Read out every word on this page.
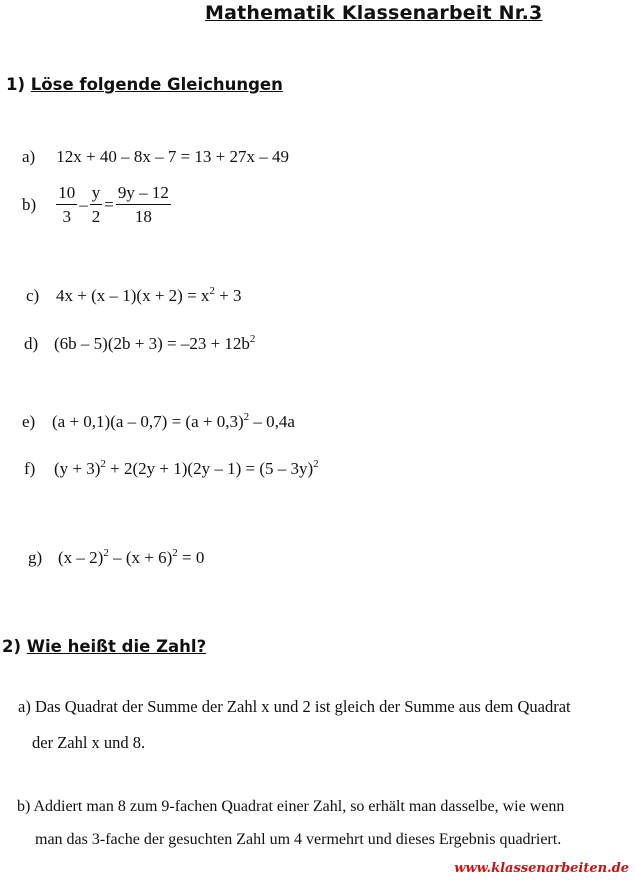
Mathematik Klassenarbeit Nr.3
1) Löse folgende Gleichungen
a) 12x + 40 – 8x – 7 = 13 + 27x – 49
$b) \frac{10}{3} - \frac{y}{2} = \frac{9y - 12}{18}$
c) $4x + (x - 1)(x + 2) = x^2 + 3$
d) $(6b - 5)(2b + 3) = -23 + 12b^2$
e) $(a + 0,1)(a - 0,7) = (a + 0,3)^2 - 0,4a$
f) $(y + 3)^2 + 2(2y + 1)(2y - 1) = (5 - 3y)^2$
g) $(x - 2)^2 - (x + 6)^2 = 0$
2) Wie heißt die Zahl?
a) Das Quadrat der Summe der Zahl x und 2 ist gleich der Summe aus dem Quadrat
der Zahl x und 8.
b) Addiert man 8 zum 9-fachen Quadrat einer Zahl, so erhält man dasselbe, wie wenn
man das 3-fache der gesuchten Zahl um 4 vermehrt und dieses Ergebnis quadriert.
www.klassenarbeiten.de
